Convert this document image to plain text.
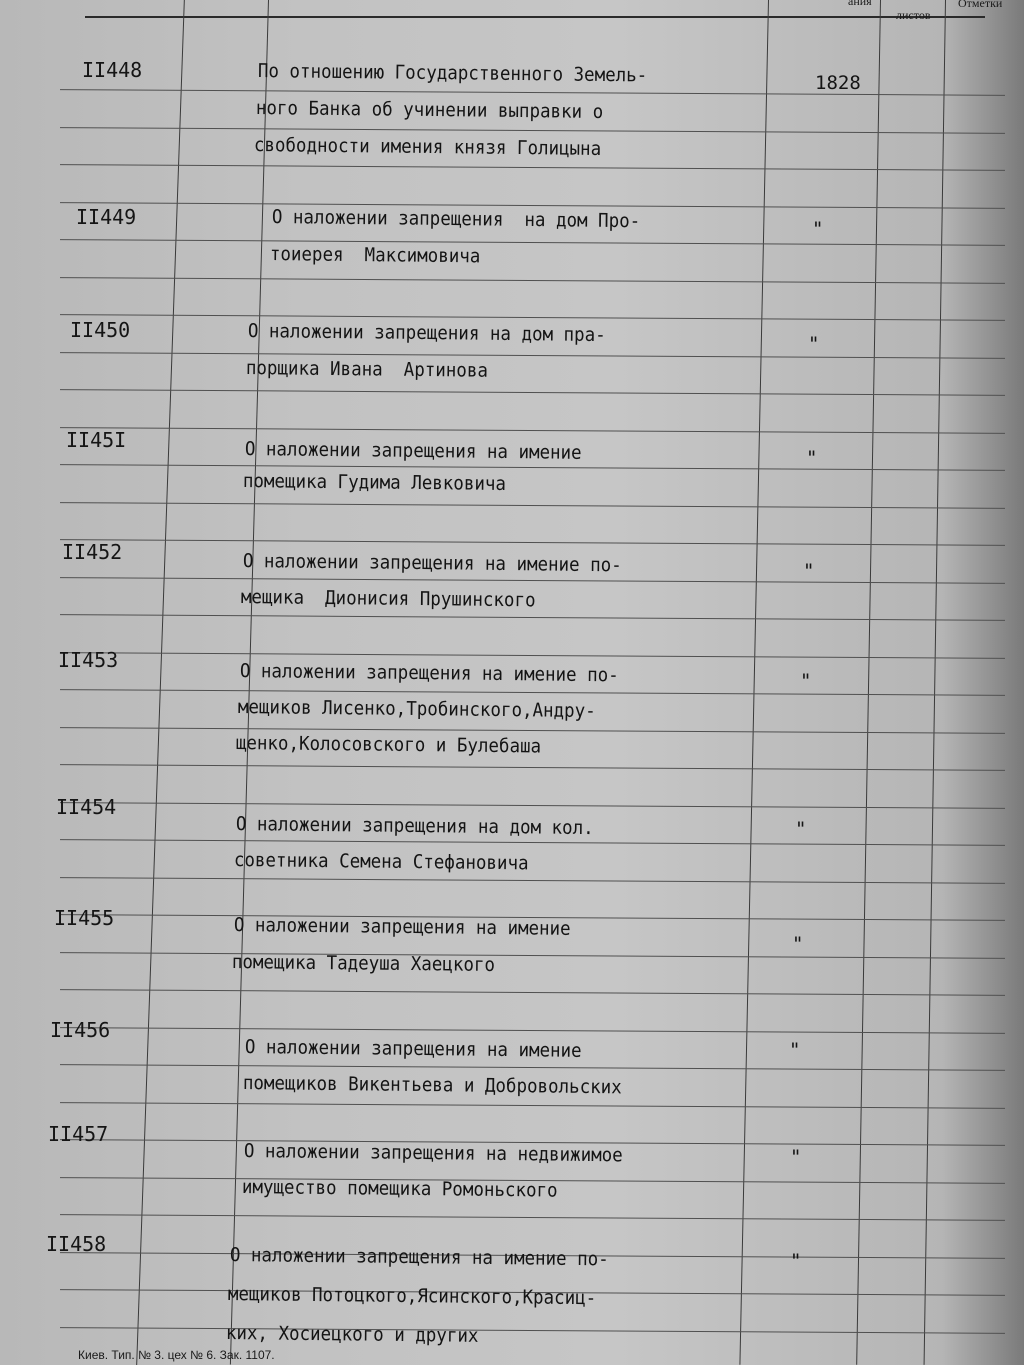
ания
листов
Отметки
II448	По отношению Государственного Земель-
ного Банка об учинении выправки о
свободности имения князя Голицына
1828
II449	О наложении запрещения  на дом Про-
тоиерея  Максимовича
"
II450	О наложении запрещения на дом пра-
порщика Ивана  Артинова
"
II45I	О наложении запрещения на имение
помещика Гудима Левковича
"
II452	О наложении запрещения на имение по-
мещика  Дионисия Прушинского
"
II453	О наложении запрещения на имение по-
мещиков Лисенко,Тробинского,Андру-
щенко,Колосовского и Булебаша
"
II454
О наложении запрещения на дом кол.
советника Семена Стефановича
"
II455	О наложении запрещения на имение
помещика Тадеуша Хаецкого
"
II456
О наложении запрещения на имение
помещиков Викентьева и Добровольских
"
II457
О наложении запрещения на недвижимое
имущество помещика Ромоньского
"
II458	О наложении запрещения на имение по-
мещиков Потоцкого,Ясинского,Красиц-
ких, Хосиецкого и других
"
Киев. Тип. № 3. цех № 6. Зак. 1107.
